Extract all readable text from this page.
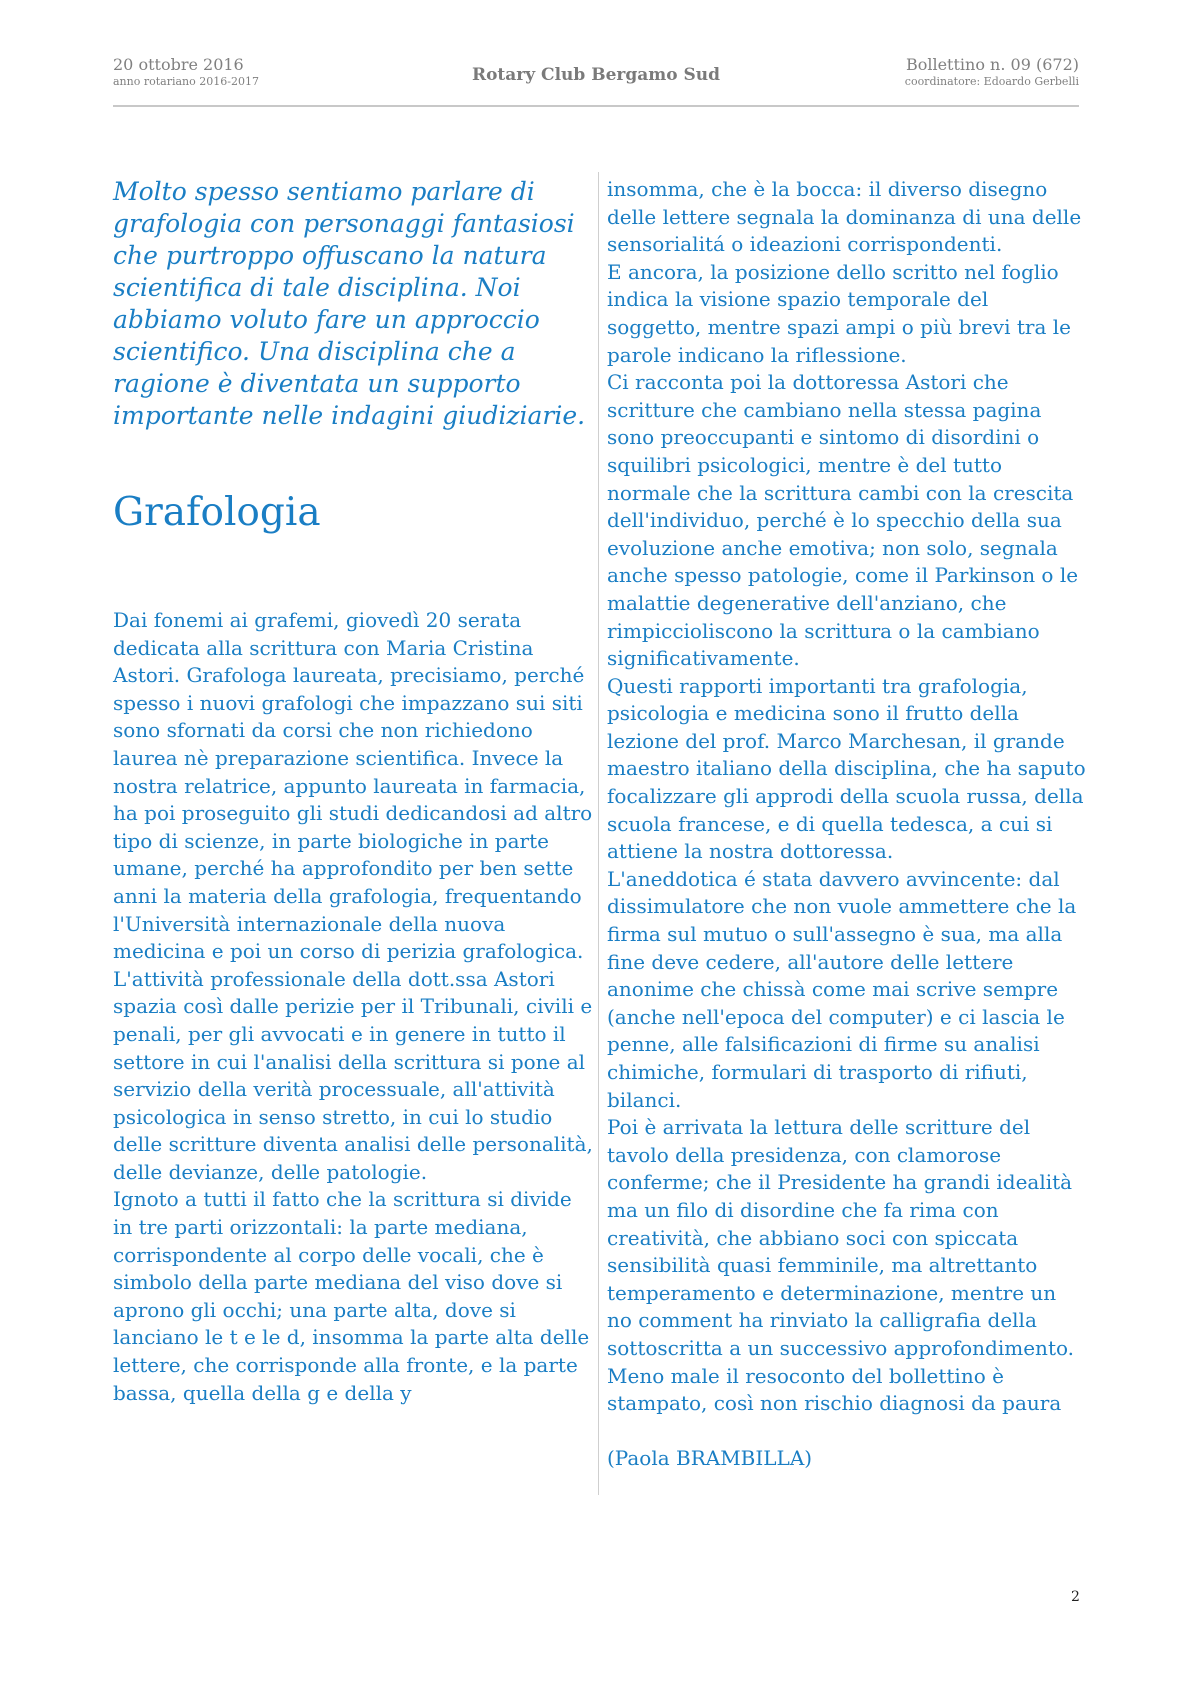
20 ottobre 2016
anno rotariano 2016-2017	Rotary Club Bergamo Sud
Bollettino n. 09 (672)
coordinatore: Edoardo Gerbelli

Molto spesso sentiamo parlare di grafologia con personaggi fantasiosi che purtroppo offuscano la natura scientifica di tale disciplina. Noi abbiamo voluto fare un approccio scientifico. Una disciplina che a ragione è diventata un supporto importante nelle indagini giudiziarie.

Grafologia

Dai fonemi ai grafemi, giovedì 20 serata dedicata alla scrittura con Maria Cristina Astori. Grafologa laureata, precisiamo, perché spesso i nuovi grafologi che impazzano sui siti sono sfornati da corsi che non richiedono laurea nè preparazione scientifica. Invece la nostra relatrice, appunto laureata in farmacia, ha poi proseguito gli studi dedicandosi ad altro tipo di scienze, in parte biologiche in parte umane, perché ha approfondito per ben sette anni la materia della grafologia, frequentando l'Università internazionale della nuova medicina e poi un corso di perizia grafologica.

L'attività professionale della dott.ssa Astori spazia così dalle perizie per il Tribunali, civili e penali, per gli avvocati e in genere in tutto il settore in cui l'analisi della scrittura si pone al servizio della verità processuale, all'attività psicologica in senso stretto, in cui lo studio delle scritture diventa analisi delle personalità, delle devianze, delle patologie.

Ignoto a tutti il fatto che la scrittura si divide in tre parti orizzontali: la parte mediana, corrispondente al corpo delle vocali, che è simbolo della parte mediana del viso dove si aprono gli occhi; una parte alta, dove si lanciano le t e le d, insomma la parte alta delle lettere, che corrisponde alla fronte, e la parte bassa, quella della g e della y

insomma, che è la bocca: il diverso disegno delle lettere segnala la dominanza di una delle sensorialitá o ideazioni corrispondenti.

E ancora, la posizione dello scritto nel foglio indica la visione spazio temporale del soggetto, mentre spazi ampi o più brevi tra le parole indicano la riflessione.

Ci racconta poi la dottoressa Astori che scritture che cambiano nella stessa pagina sono preoccupanti e sintomo di disordini o squilibri psicologici, mentre è del tutto normale che la scrittura cambi con la crescita dell'individuo, perché è lo specchio della sua evoluzione anche emotiva; non solo, segnala anche spesso patologie, come il Parkinson o le malattie degenerative dell'anziano, che rimpiccioliscono la scrittura o la cambiano significativamente.

Questi rapporti importanti tra grafologia, psicologia e medicina sono il frutto della lezione del prof. Marco Marchesan, il grande maestro italiano della disciplina, che ha saputo focalizzare gli approdi della scuola russa, della scuola francese, e di quella tedesca, a cui si attiene la nostra dottoressa.

L'aneddotica é stata davvero avvincente: dal dissimulatore che non vuole ammettere che la firma sul mutuo o sull'assegno è sua, ma alla fine deve cedere, all'autore delle lettere anonime che chissà come mai scrive sempre (anche nell'epoca del computer) e ci lascia le penne, alle falsificazioni di firme su analisi chimiche, formulari di trasporto di rifiuti, bilanci.

Poi è arrivata la lettura delle scritture del tavolo della presidenza, con clamorose conferme; che il Presidente ha grandi idealità ma un filo di disordine che fa rima con creatività, che abbiano soci con spiccata sensibilità quasi femminile, ma altrettanto temperamento e determinazione, mentre un no comment ha rinviato la calligrafia della sottoscritta a un successivo approfondimento.

Meno male il resoconto del bollettino è stampato, così non rischio diagnosi da paura

(Paola BRAMBILLA)
2
